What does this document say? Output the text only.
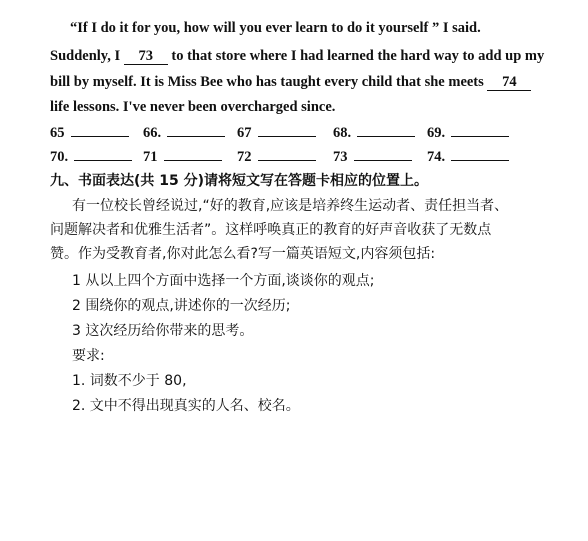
“If I do it for you, how will you ever learn to do it yourself ” I said.
Suddenly, I 73 to that store where I had learned the hard way to add up my
bill by myself. It is Miss Bee who has taught every child that she meets 74
life lessons. I've never been overcharged since.
65	66.	67	68.	69.
70.	71	72	73	74.
九、书面表达(共 15 分)请将短文写在答题卡相应的位置上。
有一位校长曾经说过,“好的教育,应该是培养终生运动者、责任担当者、
问题解决者和优雅生活者”。这样呼唤真正的教育的好声音收获了无数点
赞。作为受教育者,你对此怎么看?写一篇英语短文,内容须包括:
1 从以上四个方面中选择一个方面,谈谈你的观点;
2 围绕你的观点,讲述你的一次经历;
3 这次经历给你带来的思考。
要求:
1. 词数不少于 80,
2. 文中不得出现真实的人名、校名。
